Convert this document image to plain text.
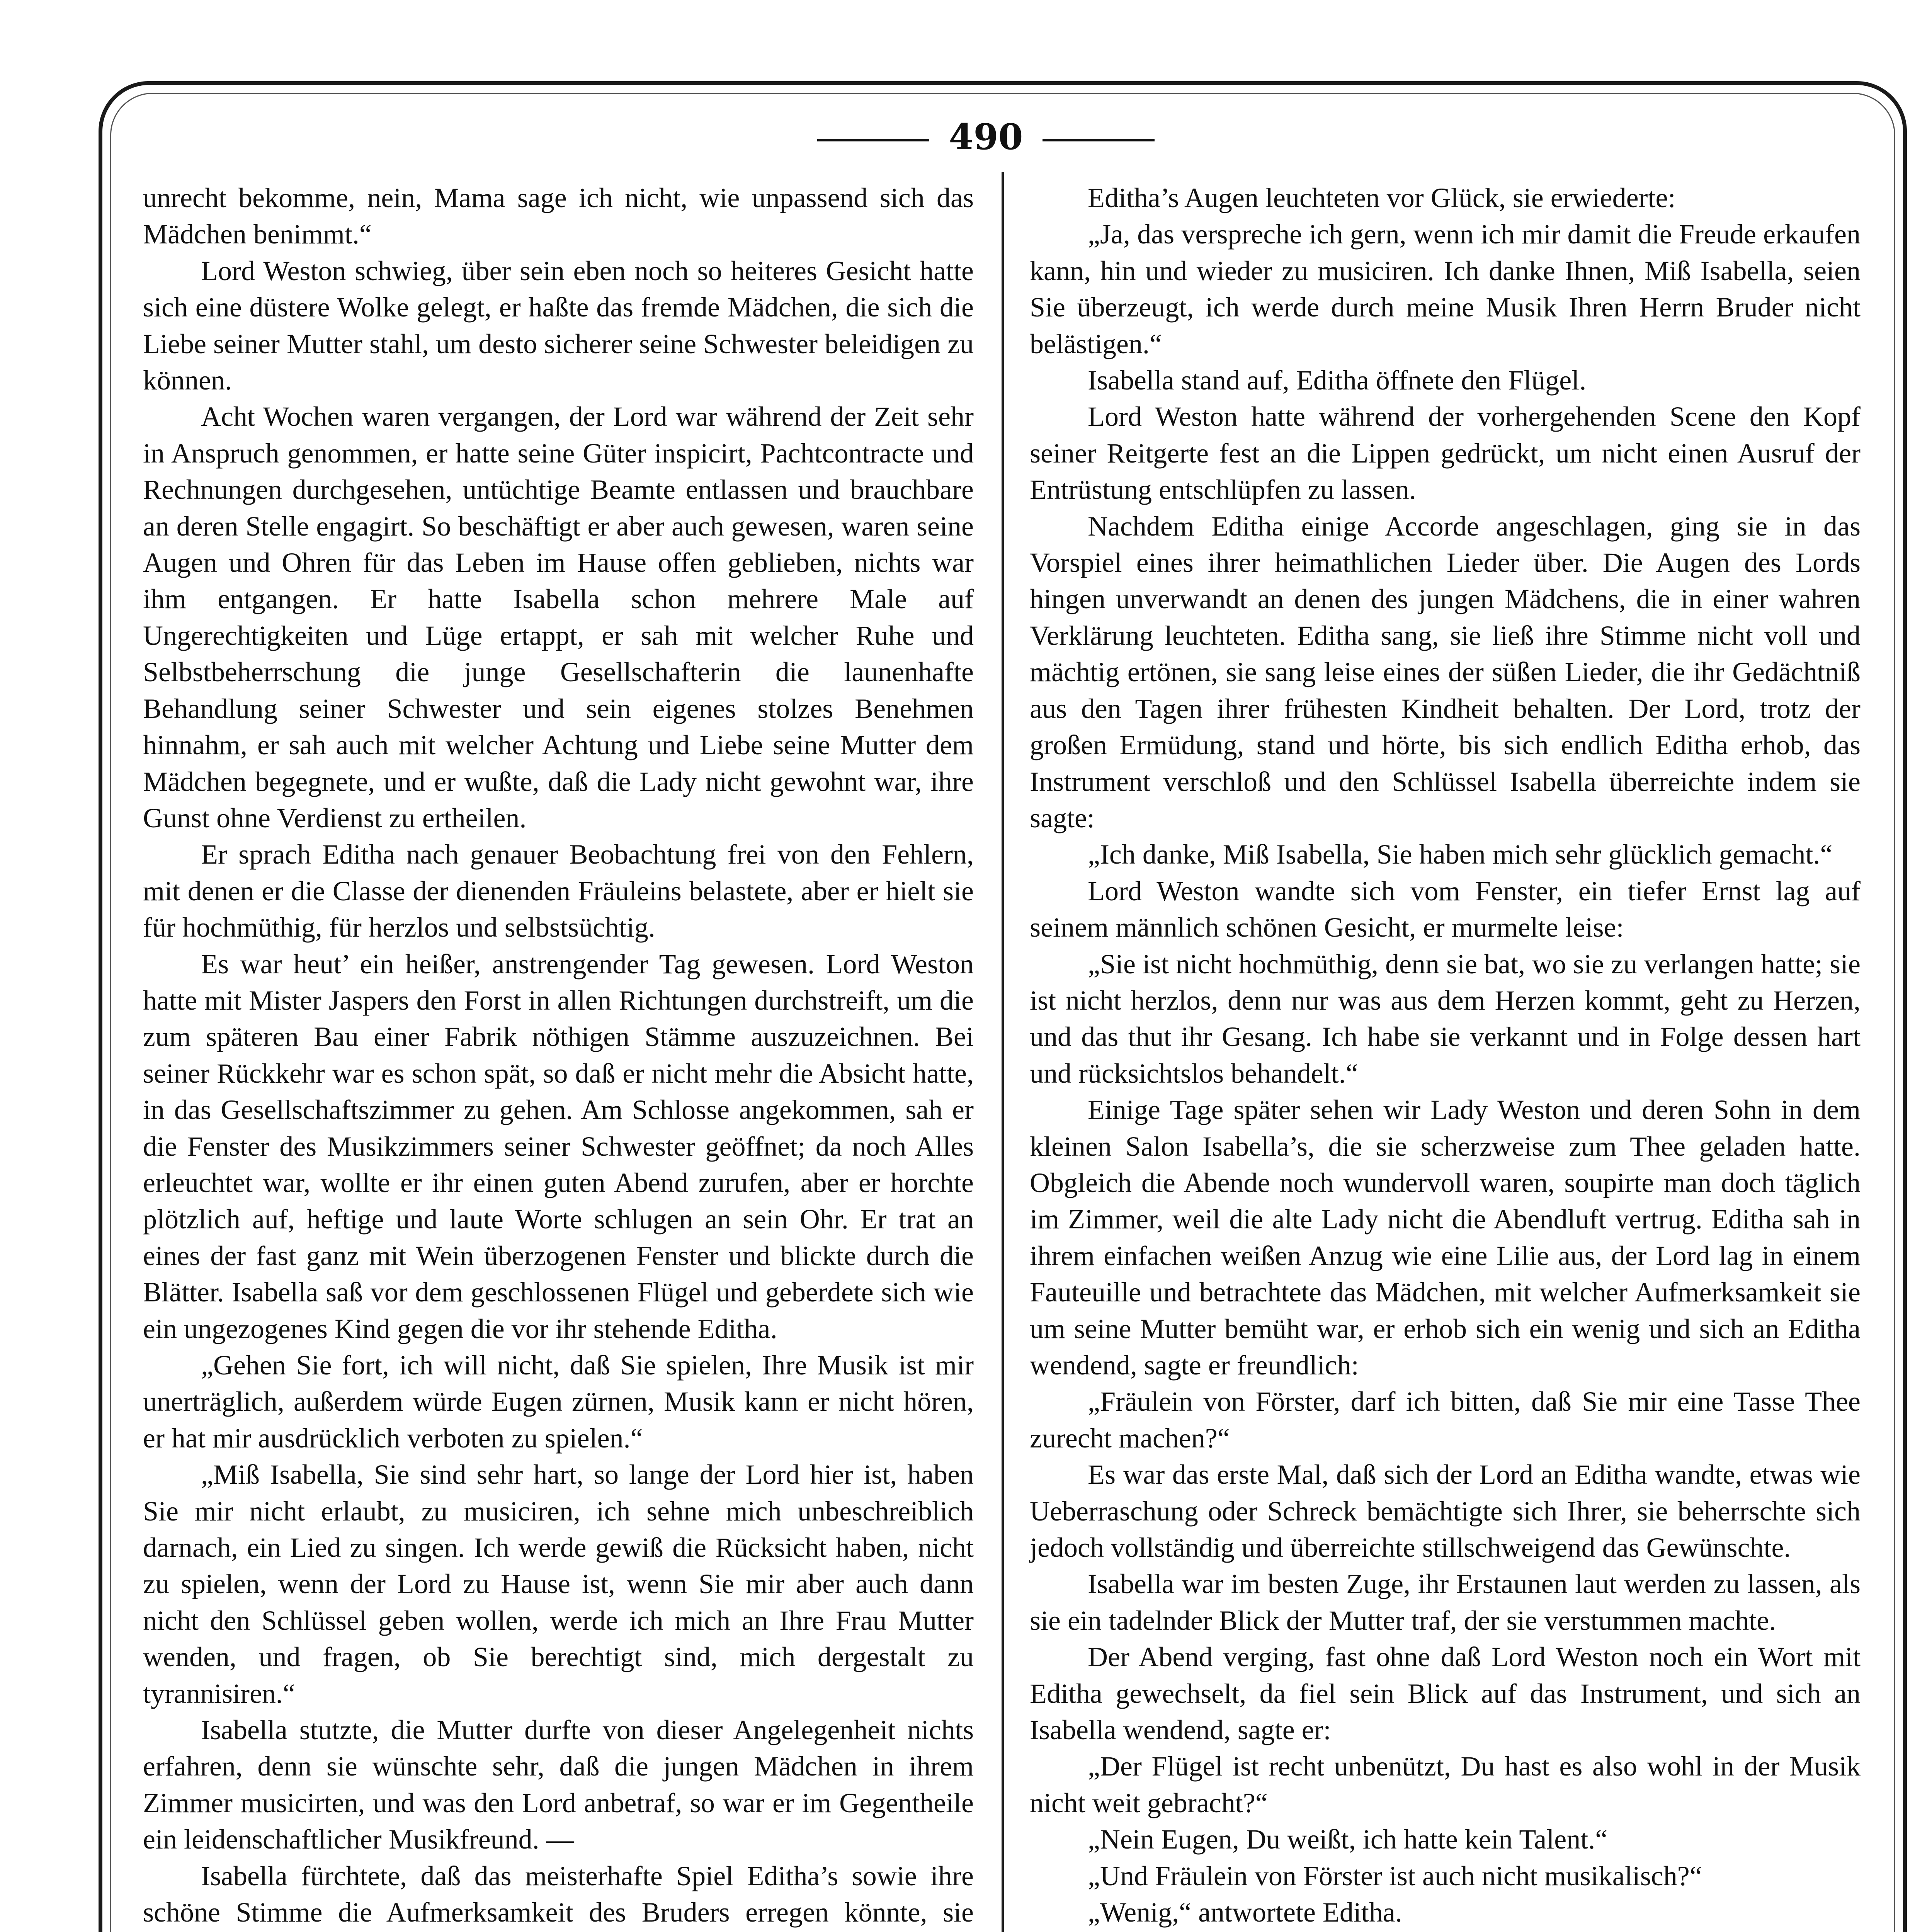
490

unrecht bekomme, nein, Mama sage ich nicht, wie unpassend sich das Mädchen benimmt.“

Lord Weston schwieg, über sein eben noch so heiteres Gesicht hatte sich eine düstere Wolke gelegt, er haßte das fremde Mädchen, die sich die Liebe seiner Mutter stahl, um desto sicherer seine Schwester beleidigen zu können.

Acht Wochen waren vergangen, der Lord war während der Zeit sehr in Anspruch genommen, er hatte seine Güter inspicirt, Pachtcontracte und Rechnungen durchgesehen, untüchtige Beamte entlassen und brauchbare an deren Stelle engagirt. So beschäftigt er aber auch gewesen, waren seine Augen und Ohren für das Leben im Hause offen geblieben, nichts war ihm entgangen. Er hatte Isabella schon mehrere Male auf Ungerechtigkeiten und Lüge ertappt, er sah mit welcher Ruhe und Selbstbeherrschung die junge Gesellschafterin die launenhafte Behandlung seiner Schwester und sein eigenes stolzes Benehmen hinnahm, er sah auch mit welcher Achtung und Liebe seine Mutter dem Mädchen begegnete, und er wußte, daß die Lady nicht gewohnt war, ihre Gunst ohne Verdienst zu ertheilen.

Er sprach Editha nach genauer Beobachtung frei von den Fehlern, mit denen er die Classe der dienenden Fräuleins belastete, aber er hielt sie für hochmüthig, für herzlos und selbstsüchtig.

Es war heut’ ein heißer, anstrengender Tag gewesen. Lord Weston hatte mit Mister Jaspers den Forst in allen Richtungen durchstreift, um die zum späteren Bau einer Fabrik nöthigen Stämme auszuzeichnen. Bei seiner Rückkehr war es schon spät, so daß er nicht mehr die Absicht hatte, in das Gesellschaftszimmer zu gehen. Am Schlosse angekommen, sah er die Fenster des Musikzimmers seiner Schwester geöffnet; da noch Alles erleuchtet war, wollte er ihr einen guten Abend zurufen, aber er horchte plötzlich auf, heftige und laute Worte schlugen an sein Ohr. Er trat an eines der fast ganz mit Wein überzogenen Fenster und blickte durch die Blätter. Isabella saß vor dem geschlossenen Flügel und geberdete sich wie ein ungezogenes Kind gegen die vor ihr stehende Editha.

„Gehen Sie fort, ich will nicht, daß Sie spielen, Ihre Musik ist mir unerträglich, außerdem würde Eugen zürnen, Musik kann er nicht hören, er hat mir ausdrücklich verboten zu spielen.“

„Miß Isabella, Sie sind sehr hart, so lange der Lord hier ist, haben Sie mir nicht erlaubt, zu musiciren, ich sehne mich unbeschreiblich darnach, ein Lied zu singen. Ich werde gewiß die Rücksicht haben, nicht zu spielen, wenn der Lord zu Hause ist, wenn Sie mir aber auch dann nicht den Schlüssel geben wollen, werde ich mich an Ihre Frau Mutter wenden, und fragen, ob Sie berechtigt sind, mich dergestalt zu tyrannisiren.“

Isabella stutzte, die Mutter durfte von dieser Angelegenheit nichts erfahren, denn sie wünschte sehr, daß die jungen Mädchen in ihrem Zimmer musicirten, und was den Lord anbetraf, so war er im Gegentheile ein leidenschaftlicher Musikfreund. —

Isabella fürchtete, daß das meisterhafte Spiel Editha’s sowie ihre schöne Stimme die Aufmerksamkeit des Bruders erregen könnte, sie

Editha’s Augen leuchteten vor Glück, sie erwiederte:

„Ja, das verspreche ich gern, wenn ich mir damit die Freude erkaufen kann, hin und wieder zu musiciren. Ich danke Ihnen, Miß Isabella, seien Sie überzeugt, ich werde durch meine Musik Ihren Herrn Bruder nicht belästigen.“

Isabella stand auf, Editha öffnete den Flügel.

Lord Weston hatte während der vorhergehenden Scene den Kopf seiner Reitgerte fest an die Lippen gedrückt, um nicht einen Ausruf der Entrüstung entschlüpfen zu lassen.

Nachdem Editha einige Accorde angeschlagen, ging sie in das Vorspiel eines ihrer heimathlichen Lieder über. Die Augen des Lords hingen unverwandt an denen des jungen Mädchens, die in einer wahren Verklärung leuchteten. Editha sang, sie ließ ihre Stimme nicht voll und mächtig ertönen, sie sang leise eines der süßen Lieder, die ihr Gedächtniß aus den Tagen ihrer frühesten Kindheit behalten. Der Lord, trotz der großen Ermüdung, stand und hörte, bis sich endlich Editha erhob, das Instrument verschloß und den Schlüssel Isabella überreichte indem sie sagte:

„Ich danke, Miß Isabella, Sie haben mich sehr glücklich gemacht.“

Lord Weston wandte sich vom Fenster, ein tiefer Ernst lag auf seinem männlich schönen Gesicht, er murmelte leise:

„Sie ist nicht hochmüthig, denn sie bat, wo sie zu verlangen hatte; sie ist nicht herzlos, denn nur was aus dem Herzen kommt, geht zu Herzen, und das thut ihr Gesang. Ich habe sie verkannt und in Folge dessen hart und rücksichtslos behandelt.“

Einige Tage später sehen wir Lady Weston und deren Sohn in dem kleinen Salon Isabella’s, die sie scherzweise zum Thee geladen hatte. Obgleich die Abende noch wundervoll waren, soupirte man doch täglich im Zimmer, weil die alte Lady nicht die Abendluft vertrug. Editha sah in ihrem einfachen weißen Anzug wie eine Lilie aus, der Lord lag in einem Fauteuille und betrachtete das Mädchen, mit welcher Aufmerksamkeit sie um seine Mutter bemüht war, er erhob sich ein wenig und sich an Editha wendend, sagte er freundlich:

„Fräulein von Förster, darf ich bitten, daß Sie mir eine Tasse Thee zurecht machen?“

Es war das erste Mal, daß sich der Lord an Editha wandte, etwas wie Ueberraschung oder Schreck bemächtigte sich Ihrer, sie beherrschte sich jedoch vollständig und überreichte stillschweigend das Gewünschte.

Isabella war im besten Zuge, ihr Erstaunen laut werden zu lassen, als sie ein tadelnder Blick der Mutter traf, der sie verstummen machte.

Der Abend verging, fast ohne daß Lord Weston noch ein Wort mit Editha gewechselt, da fiel sein Blick auf das Instrument, und sich an Isabella wendend, sagte er:

„Der Flügel ist recht unbenützt, Du hast es also wohl in der Musik nicht weit gebracht?“

„Nein Eugen, Du weißt, ich hatte kein Talent.“

„Und Fräulein von Förster ist auch nicht musikalisch?“

„Wenig,“ antwortete Editha.
